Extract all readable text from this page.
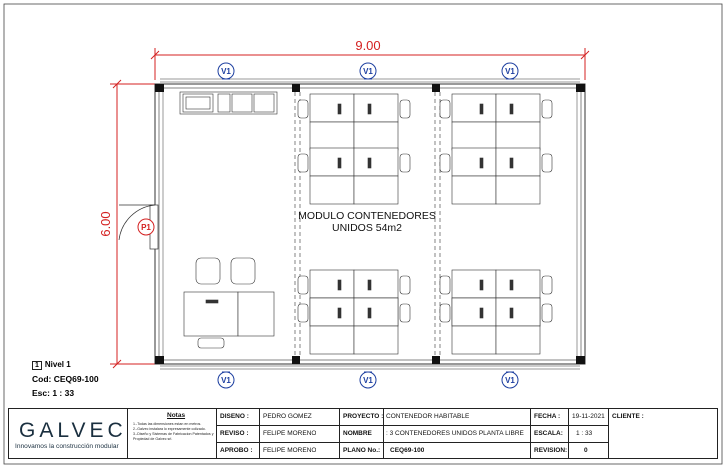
9.00
6.00	P1
V1	V1	V1
V1	V1	V1
MODULO CONTENEDORES
UNIDOS 54m2
1 Nivel 1
Cod: CEQ69-100
Esc: 1 : 33
GALVEC
Innovamos la construcción modular
Notas
1.-Todas las dimensiones estan en metros.
2.-Galvec instalara lo expresamente colizado.
3.-Diseño y Sistemas de Fabricacion Patentados y Propiedad de Galvec srl.
DISEÑO : PEDRO GOMEZ
REVISO : FELIPE MORENO
APROBO : FELIPE MORENO
PROYECTO : CONTENEDOR HABITABLE
NOMBRE : 3 CONTENEDORES UNIDOS PLANTA LIBRE
PLANO No.: CEQ69-100
FECHA : 19-11-2021
ESCALA: 1 : 33
REVISION:	0
CLIENTE :
